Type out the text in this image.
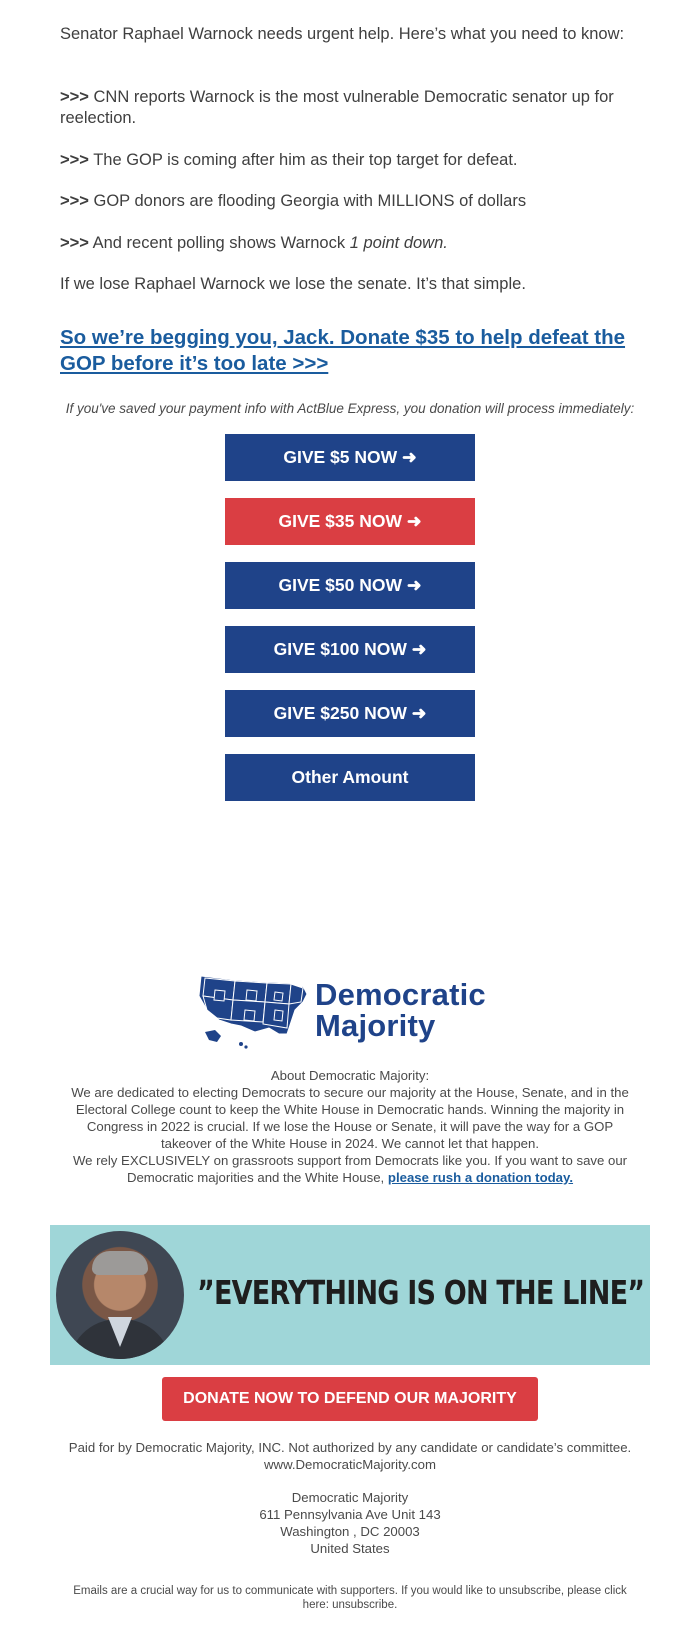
Senator Raphael Warnock needs urgent help. Here’s what you need to know:

>>> CNN reports Warnock is the most vulnerable Democratic senator up for reelection.

>>> The GOP is coming after him as their top target for defeat.

>>> GOP donors are flooding Georgia with MILLIONS of dollars

>>> And recent polling shows Warnock 1 point down.

If we lose Raphael Warnock we lose the senate. It’s that simple.

So we’re begging you, Jack. Donate $35 to help defeat the GOP before it’s too late >>>
If you've saved your payment info with ActBlue Express, you donation will process immediately:
GIVE $5 NOW ➜
GIVE $35 NOW ➜
GIVE $50 NOW ➜
GIVE $100 NOW ➜
GIVE $250 NOW ➜
Other Amount
Democratic
Majority
About Democratic Majority:
We are dedicated to electing Democrats to secure our majority at the House, Senate, and in the Electoral College count to keep the White House in Democratic hands. Winning the majority in Congress in 2022 is crucial. If we lose the House or Senate, it will pave the way for a GOP takeover of the White House in 2024. We cannot let that happen.
We rely EXCLUSIVELY on grassroots support from Democrats like you. If you want to save our Democratic majorities and the White House, please rush a donation today.
”EVERYTHING IS ON THE LINE”
DONATE NOW TO DEFEND OUR MAJORITY
Paid for by Democratic Majority, INC. Not authorized by any candidate or candidate’s committee. www.DemocraticMajority.com
Democratic Majority
611 Pennsylvania Ave Unit 143
Washington , DC 20003
United States
Emails are a crucial way for us to communicate with supporters. If you would like to unsubscribe, please click here: unsubscribe.
